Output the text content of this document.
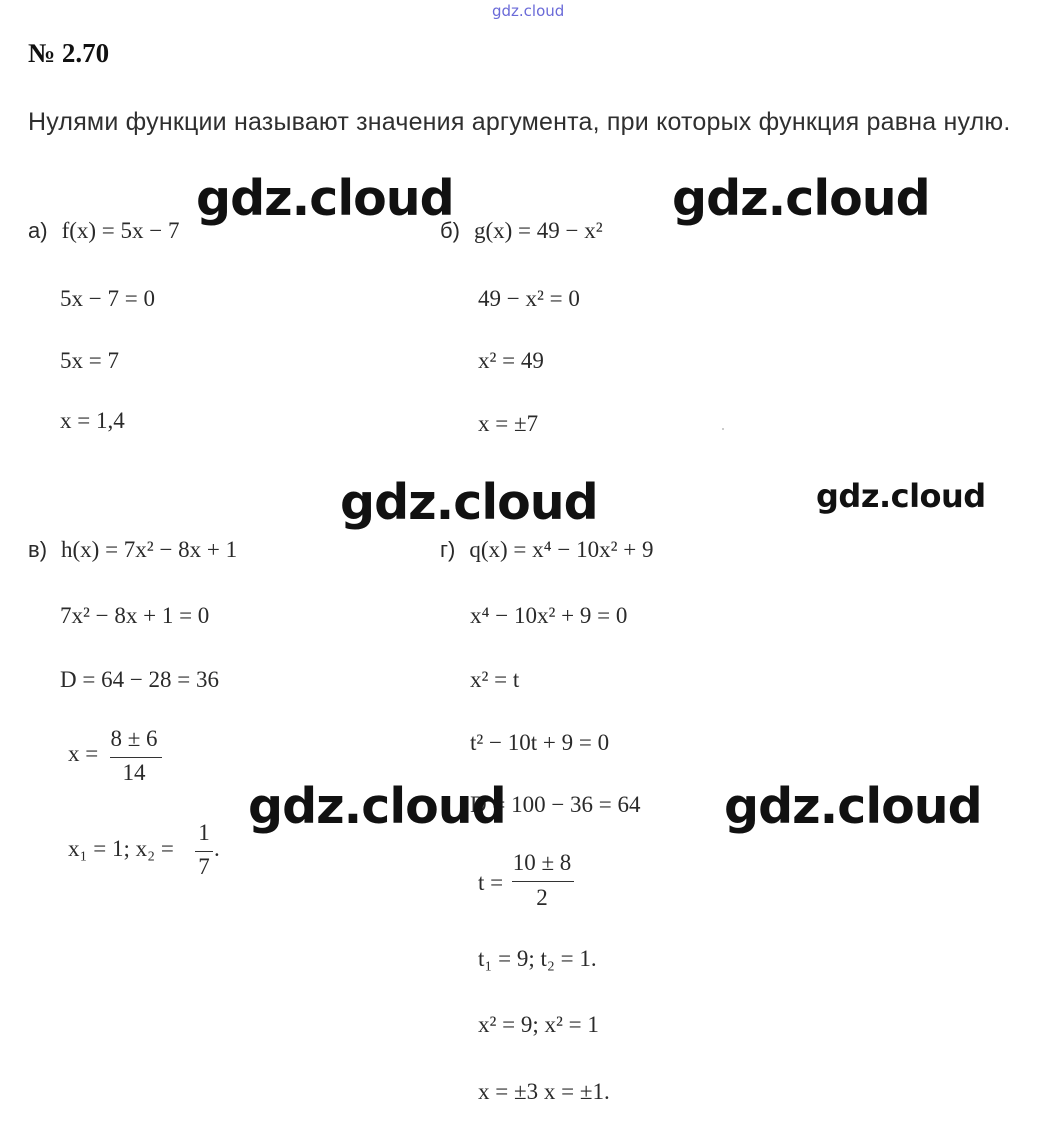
gdz.cloud
№ 2.70
Нулями функции называют значения аргумента, при которых функция равна нулю.
а) f(x) = 5x − 7
5x − 7 = 0
5x = 7
x = 1,4
б) g(x) = 49 − x²
49 − x² = 0
x² = 49
x = ±7
в) h(x) = 7x² − 8x + 1
7x² − 8x + 1 = 0
D = 64 − 28 = 36
x =
8 ± 6
14
x₁ = 1; x₂ =
1
7
.
г) q(x) = x⁴ − 10x² + 9
x⁴ − 10x² + 9 = 0
x² = t
t² − 10t + 9 = 0
D = 100 − 36 = 64
t =
10 ± 8
2
t₁ = 9; t₂ = 1.
x² = 9; x² = 1
x = ±3 x = ±1.
gdz.cloud	gdz.cloud
gdz.cloud	gdz.cloud
gdz.cloud	gdz.cloud
